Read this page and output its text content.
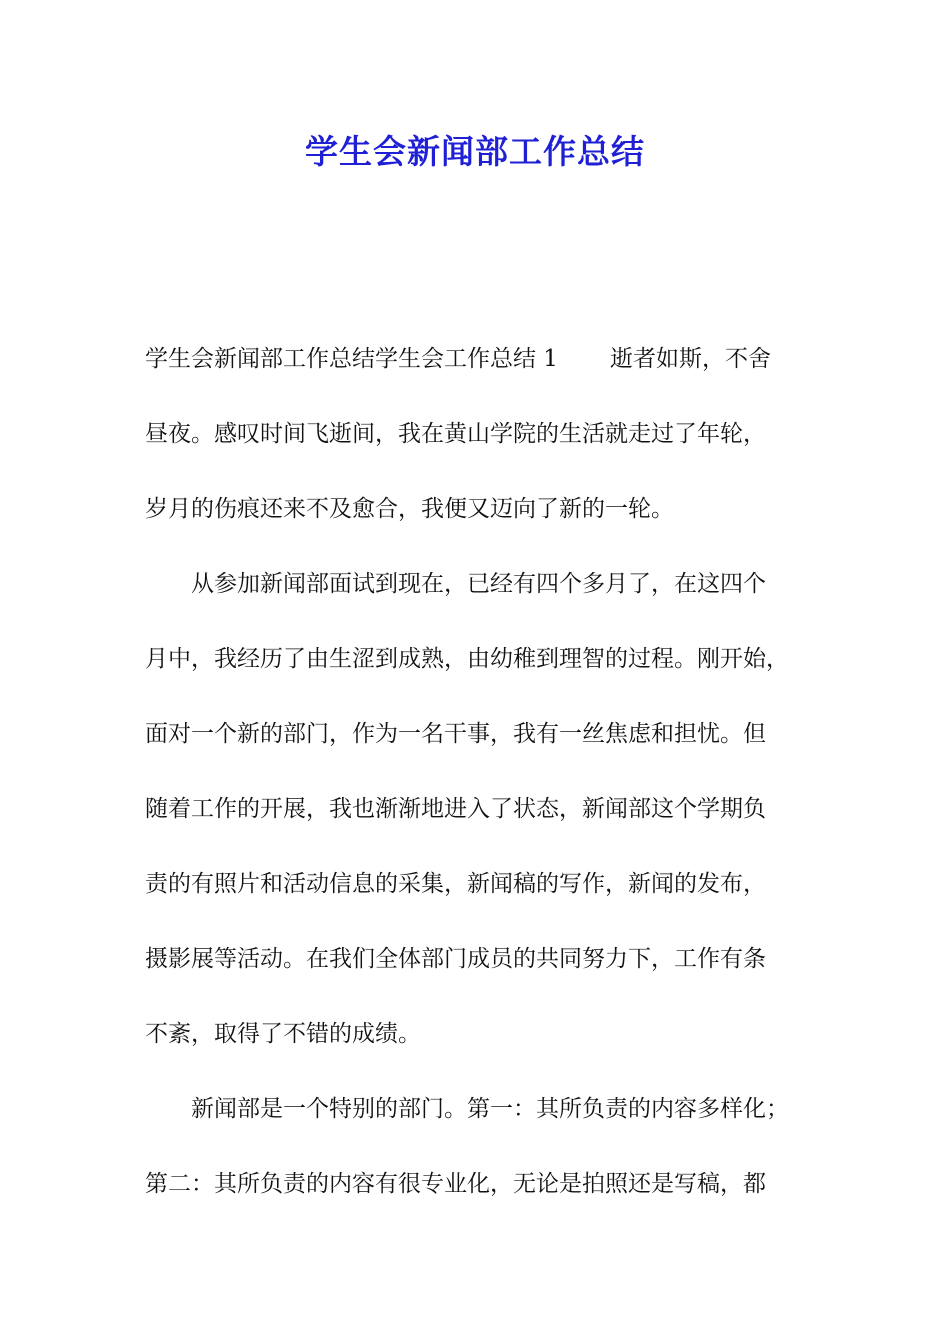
学生会新闻部工作总结
学生会新闻部工作总结学生会工作总结 1 逝者如斯，不舍
昼夜。感叹时间飞逝间，我在黄山学院的生活就走过了年轮，
岁月的伤痕还来不及愈合，我便又迈向了新的一轮。
从参加新闻部面试到现在，已经有四个多月了，在这四个
月中，我经历了由生涩到成熟，由幼稚到理智的过程。刚开始，
面对一个新的部门，作为一名干事，我有一丝焦虑和担忧。但
随着工作的开展，我也渐渐地进入了状态，新闻部这个学期负
责的有照片和活动信息的采集，新闻稿的写作，新闻的发布，
摄影展等活动。在我们全体部门成员的共同努力下，工作有条
不紊，取得了不错的成绩。
新闻部是一个特别的部门。第一：其所负责的内容多样化；
第二：其所负责的内容有很专业化，无论是拍照还是写稿，都
